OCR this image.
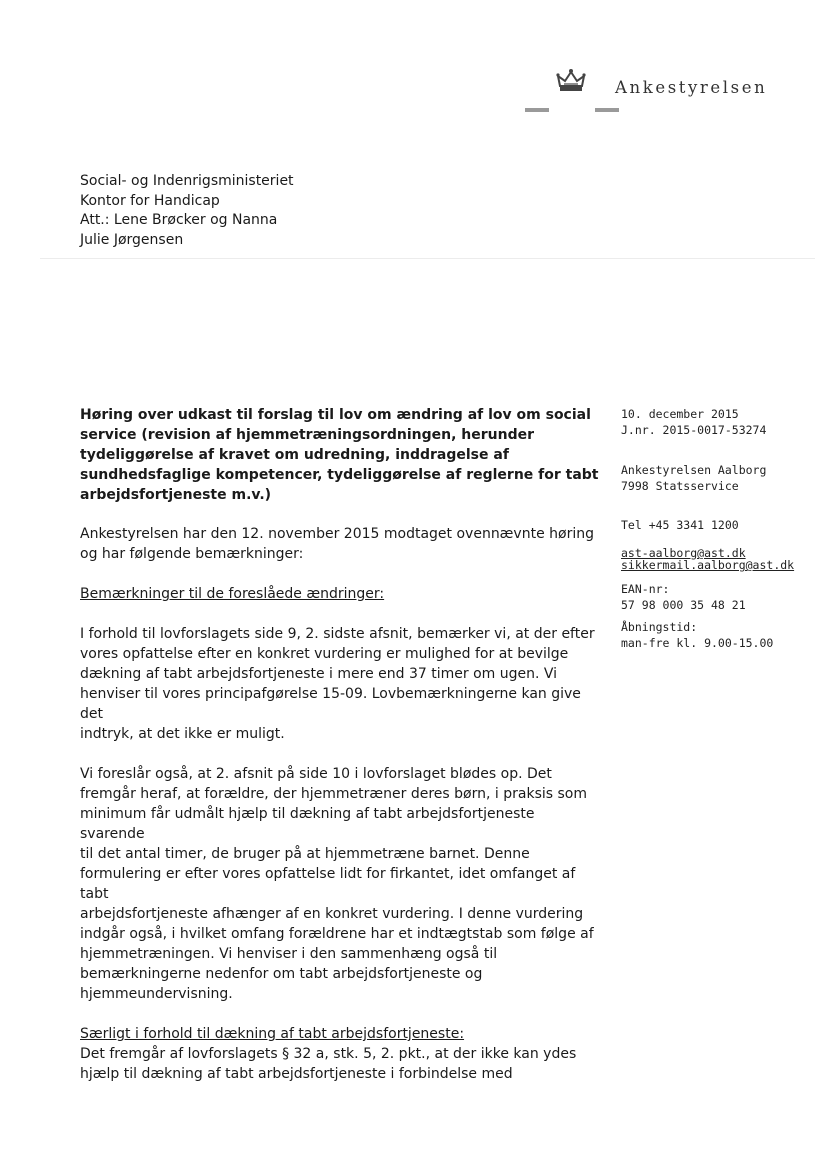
Ankestyrelsen
Social- og Indenrigsministeriet
Kontor for Handicap
Att.: Lene Brøcker og Nanna
Julie Jørgensen
Høring over udkast til forslag til lov om ændring af lov om social
service (revision af hjemmetræningsordningen, herunder
tydeliggørelse af kravet om udredning, inddragelse af
sundhedsfaglige kompetencer, tydeliggørelse af reglerne for tabt
arbejdsfortjeneste m.v.)

Ankestyrelsen har den 12. november 2015 modtaget ovennævnte høring

og har følgende bemærkninger:

Bemærkninger til de foreslåede ændringer:

I forhold til lovforslagets side 9, 2. sidste afsnit, bemærker vi, at der efter

vores opfattelse efter en konkret vurdering er mulighed for at bevilge

dækning af tabt arbejdsfortjeneste i mere end 37 timer om ugen. Vi

henviser til vores principafgørelse 15-09. Lovbemærkningerne kan give det

indtryk, at det ikke er muligt.

Vi foreslår også, at 2. afsnit på side 10 i lovforslaget blødes op. Det

fremgår heraf, at forældre, der hjemmetræner deres børn, i praksis som

minimum får udmålt hjælp til dækning af tabt arbejdsfortjeneste svarende

til det antal timer, de bruger på at hjemmetræne barnet. Denne

formulering er efter vores opfattelse lidt for firkantet, idet omfanget af tabt

arbejdsfortjeneste afhænger af en konkret vurdering. I denne vurdering

indgår også, i hvilket omfang forældrene har et indtægtstab som følge af

hjemmetræningen. Vi henviser i den sammenhæng også til

bemærkningerne nedenfor om tabt arbejdsfortjeneste og

hjemmeundervisning.

Særligt i forhold til dækning af tabt arbejdsfortjeneste:

Det fremgår af lovforslagets § 32 a, stk. 5, 2. pkt., at der ikke kan ydes

hjælp til dækning af tabt arbejdsfortjeneste i forbindelse med

10. december 2015
J.nr. 2015-0017-53274
Ankestyrelsen Aalborg
7998 Statsservice
Tel +45 3341 1200
ast-aalborg@ast.dk
sikkermail.aalborg@ast.dk
EAN-nr:
57 98 000 35 48 21
Åbningstid:
man-fre kl. 9.00-15.00
